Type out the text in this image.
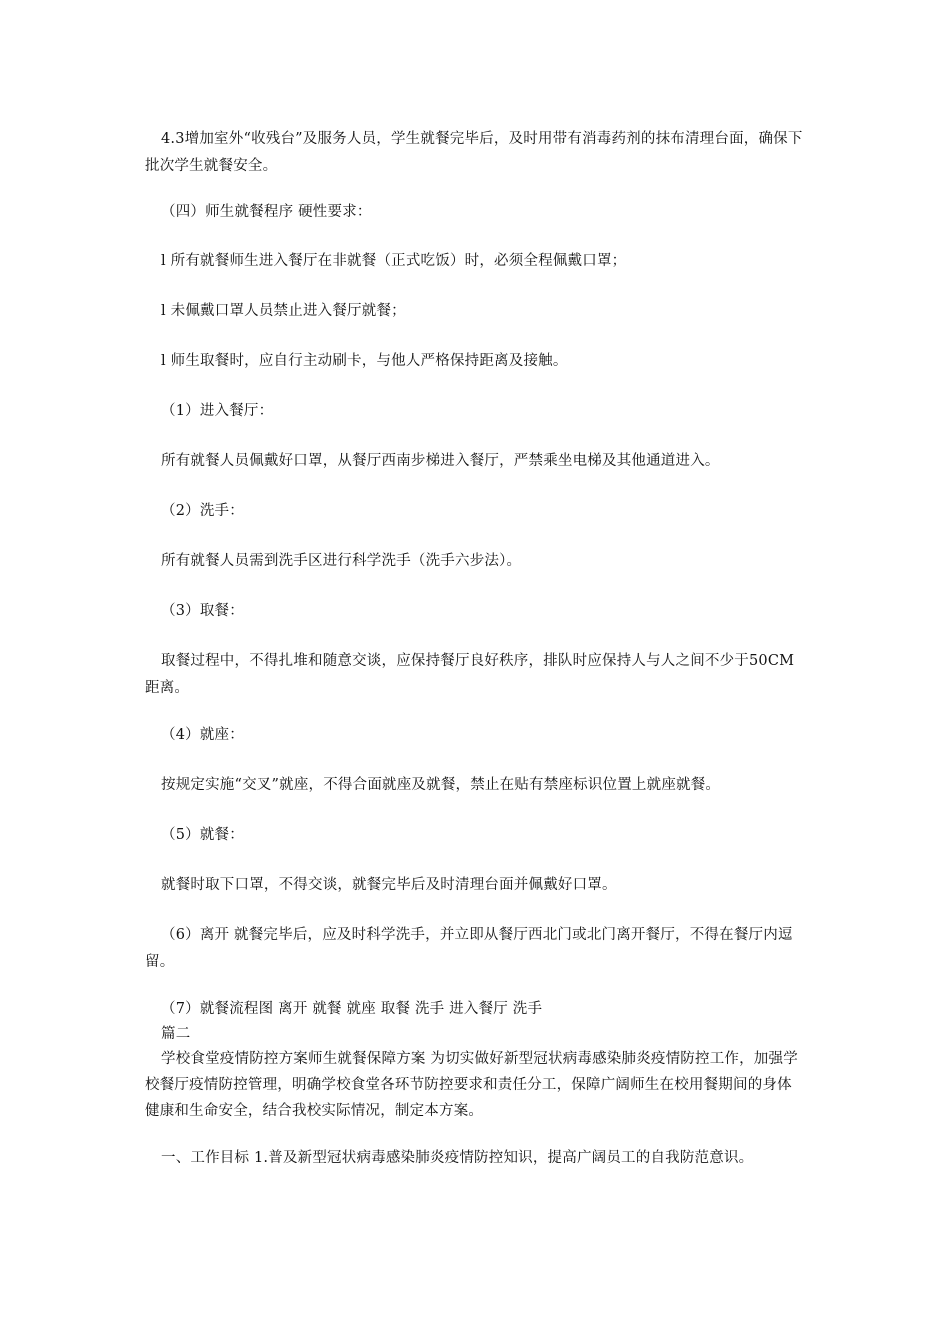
4.3增加室外“收残台”及服务人员，学生就餐完毕后，及时用带有消毒药剂的抹布清理台面，确保下批次学生就餐安全。

（四）师生就餐程序 硬性要求：

l 所有就餐师生进入餐厅在非就餐（正式吃饭）时，必须全程佩戴口罩；

l 未佩戴口罩人员禁止进入餐厅就餐；

l 师生取餐时，应自行主动刷卡，与他人严格保持距离及接触。

（1）进入餐厅：

所有就餐人员佩戴好口罩，从餐厅西南步梯进入餐厅，严禁乘坐电梯及其他通道进入。

（2）洗手：

所有就餐人员需到洗手区进行科学洗手（洗手六步法）。

（3）取餐：

取餐过程中，不得扎堆和随意交谈，应保持餐厅良好秩序，排队时应保持人与人之间不少于50CM距离。

（4）就座：

按规定实施“交叉”就座，不得合面就座及就餐，禁止在贴有禁座标识位置上就座就餐。

（5）就餐：

就餐时取下口罩，不得交谈，就餐完毕后及时清理台面并佩戴好口罩。

（6）离开 就餐完毕后，应及时科学洗手，并立即从餐厅西北门或北门离开餐厅，不得在餐厅内逗留。

（7）就餐流程图 离开 就餐 就座 取餐 洗手 进入餐厅 洗手

篇二

学校食堂疫情防控方案师生就餐保障方案 为切实做好新型冠状病毒感染肺炎疫情防控工作，加强学校餐厅疫情防控管理，明确学校食堂各环节防控要求和责任分工，保障广阔师生在校用餐期间的身体健康和生命安全，结合我校实际情况，制定本方案。

一、工作目标 1.普及新型冠状病毒感染肺炎疫情防控知识，提高广阔员工的自我防范意识。
